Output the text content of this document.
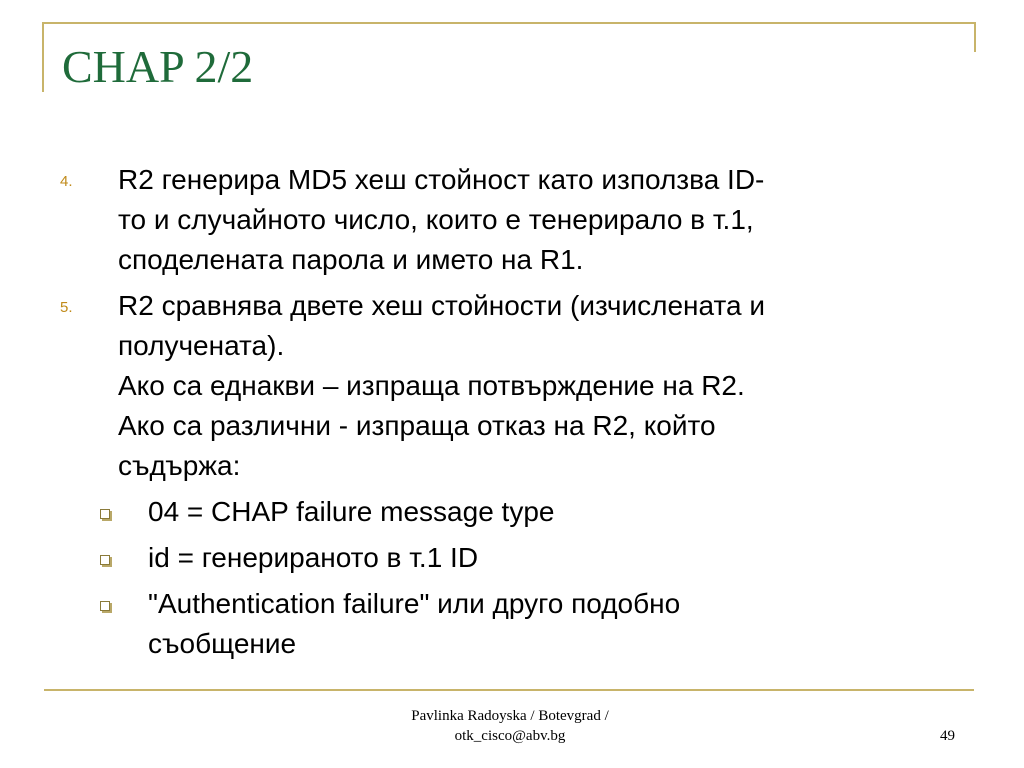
CHAP 2/2
4. R2 генерира MD5 хеш стойност като използва ID-
то и случайното число, които е тенерирало в т.1,
споделената парола и името на R1.
5. R2 сравнява двете хеш стойности (изчислената и
получената).
Ако са еднакви – изпраща потвърждение на R2.
Ако са различни - изпраща отказ на R2, който
съдържа:
04 = CHAP failure message type
id = генерираното в т.1 ID
"Authentication failure" или друго подобно
съобщение
Pavlinka Radoyska / Botevgrad /
otk_cisco@abv.bg	49
